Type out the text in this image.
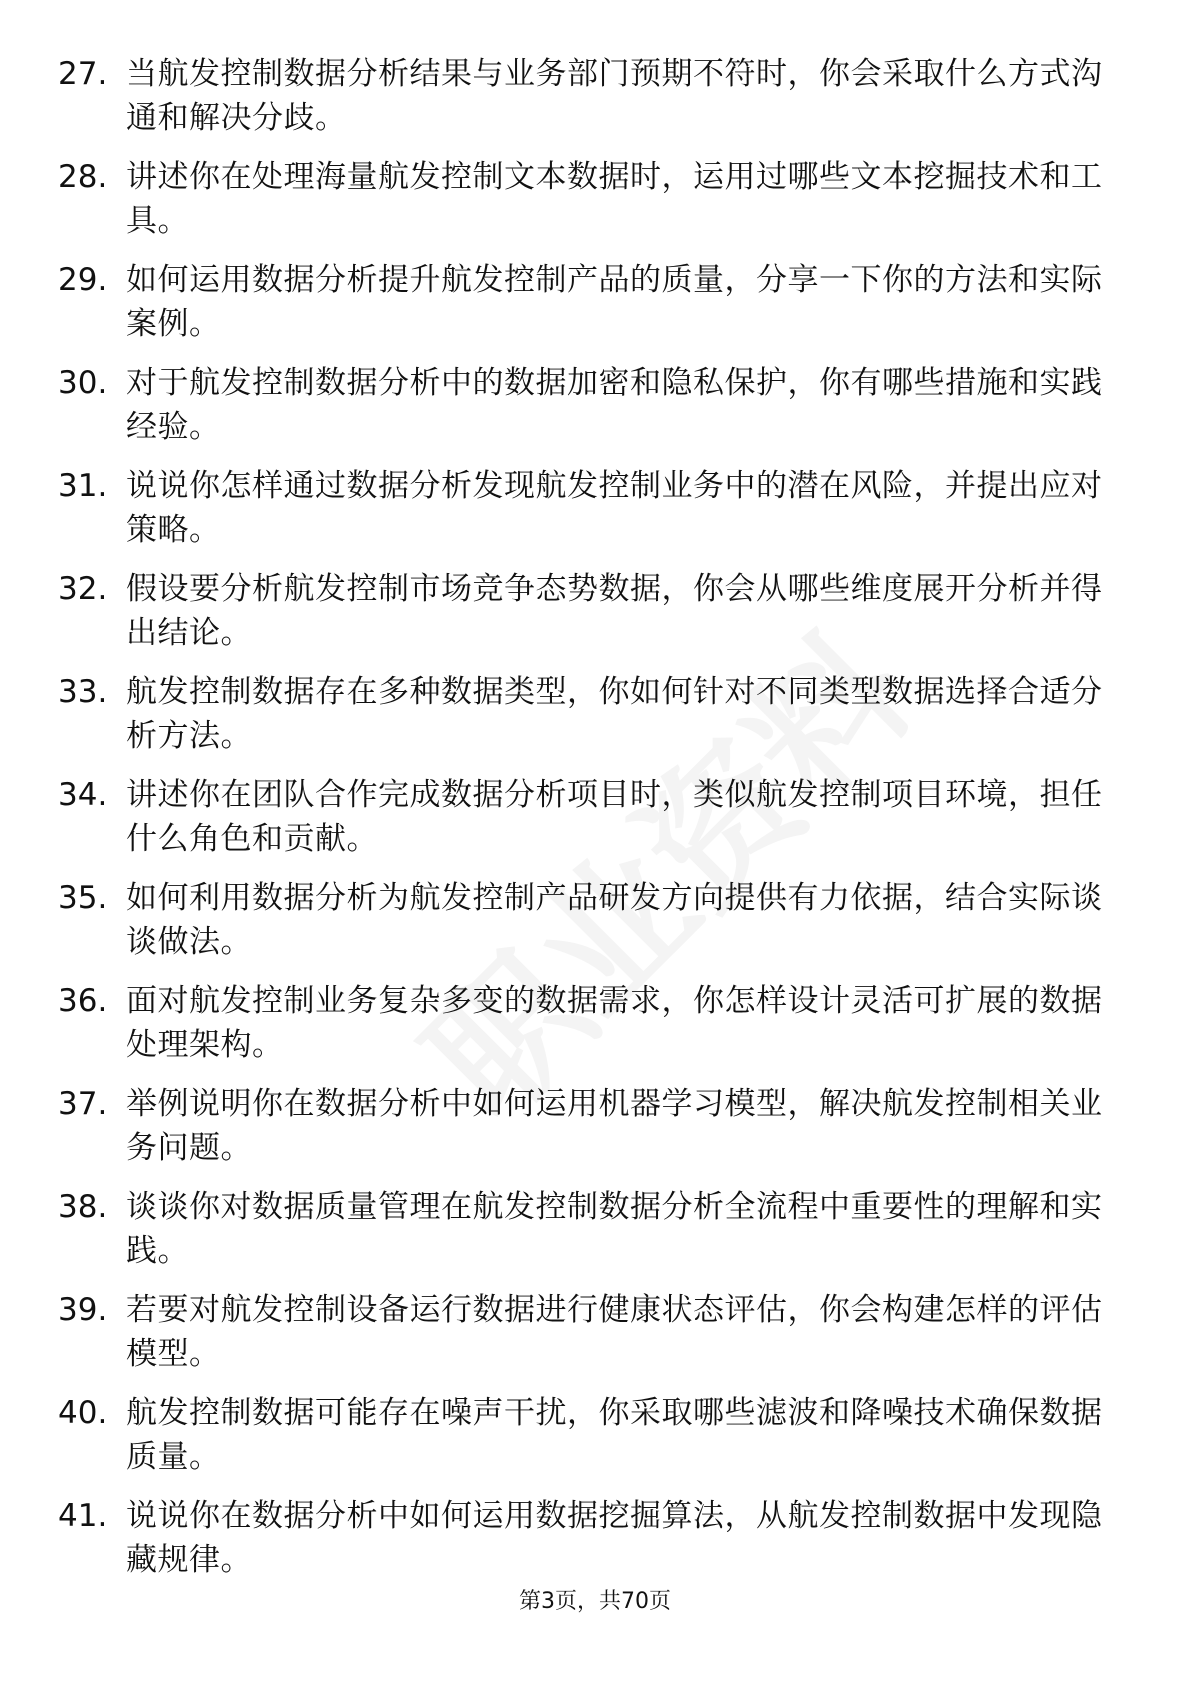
27. 当航发控制数据分析结果与业务部门预期不符时，你会采取什么方式沟通和解决分歧。
28. 讲述你在处理海量航发控制文本数据时，运用过哪些文本挖掘技术和工具。
29. 如何运用数据分析提升航发控制产品的质量，分享一下你的方法和实际案例。
30. 对于航发控制数据分析中的数据加密和隐私保护，你有哪些措施和实践经验。
31. 说说你怎样通过数据分析发现航发控制业务中的潜在风险，并提出应对策略。
32. 假设要分析航发控制市场竞争态势数据，你会从哪些维度展开分析并得出结论。
33. 航发控制数据存在多种数据类型，你如何针对不同类型数据选择合适分析方法。
34. 讲述你在团队合作完成数据分析项目时，类似航发控制项目环境，担任什么角色和贡献。
35. 如何利用数据分析为航发控制产品研发方向提供有力依据，结合实际谈谈做法。
36. 面对航发控制业务复杂多变的数据需求，你怎样设计灵活可扩展的数据处理架构。
37. 举例说明你在数据分析中如何运用机器学习模型，解决航发控制相关业务问题。
38. 谈谈你对数据质量管理在航发控制数据分析全流程中重要性的理解和实践。
39. 若要对航发控制设备运行数据进行健康状态评估，你会构建怎样的评估模型。
40. 航发控制数据可能存在噪声干扰，你采取哪些滤波和降噪技术确保数据质量。
41. 说说你在数据分析中如何运用数据挖掘算法，从航发控制数据中发现隐藏规律。
第3页，共70页
